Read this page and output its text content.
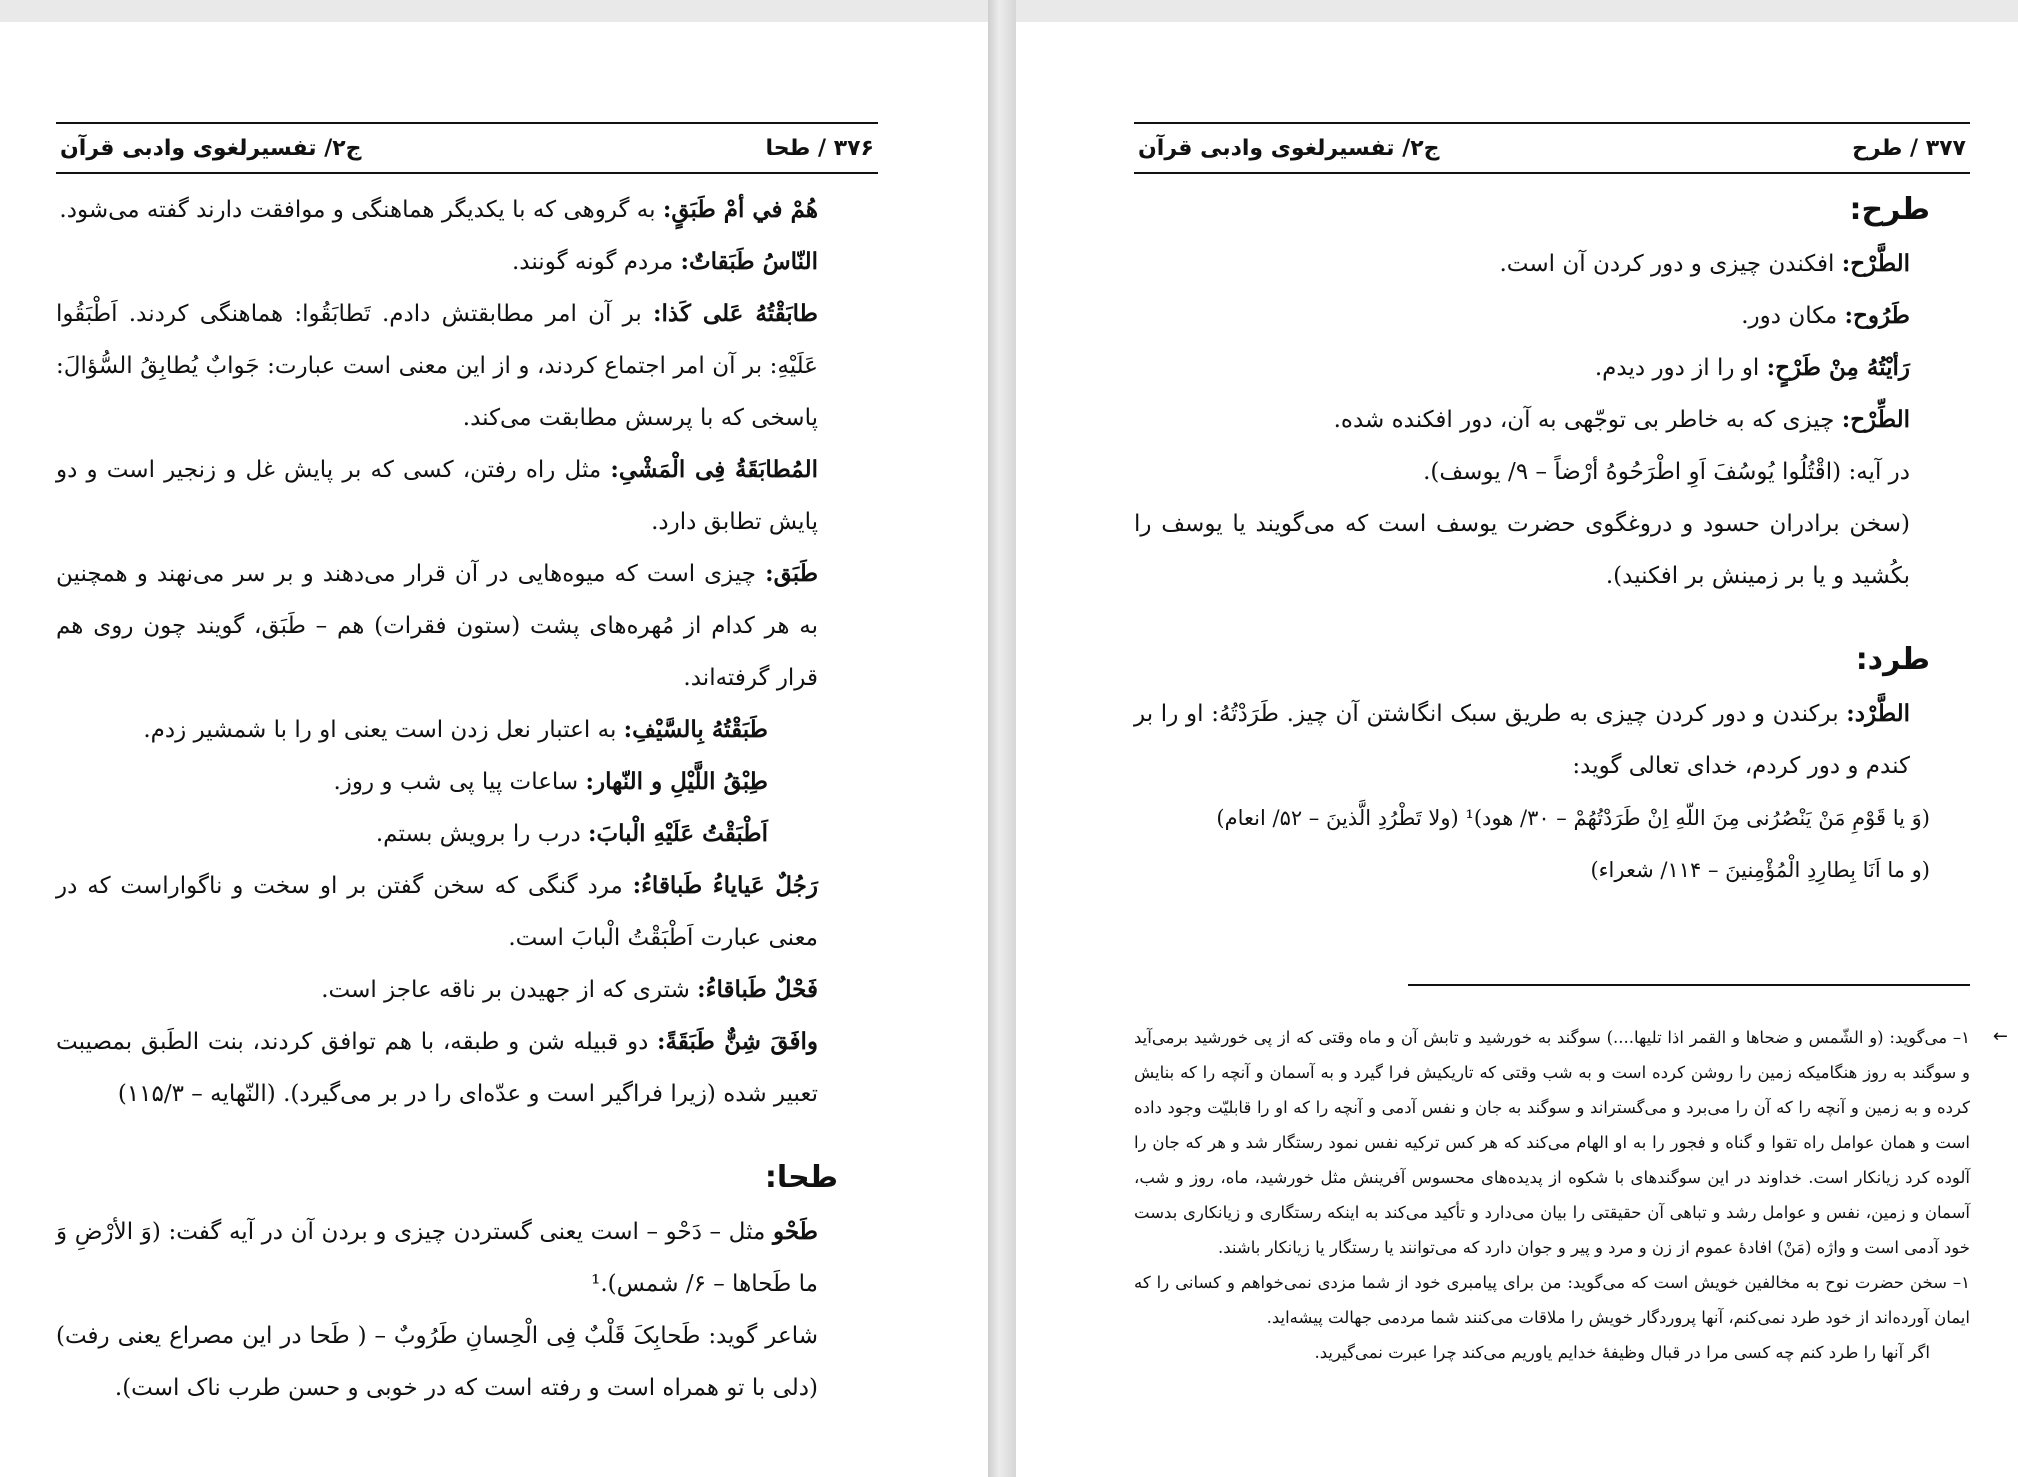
۳۷۶ / طحا
ج۲/ تفسیرلغوی وادبی قرآن

هُمْ في أمْ طَبَقٍ: به گروهی که با یکدیگر هماهنگی و موافقت دارند گفته می‌شود.

النّاسُ طَبَقاتٌ: مردم گونه گونند.

طابَقْتُهُ عَلی کَذا: بر آن امر مطابقتش دادم. تَطابَقُوا: هماهنگی کردند. اَطْبَقُوا عَلَیْهِ: بر آن امر اجتماع کردند، و از این معنی است عبارت: جَوابٌ یُطابِقُ السُّؤالَ: پاسخی که با پرسش مطابقت می‌کند.

المُطابَقَةُ فِی الْمَشْیِ: مثل راه رفتن، کسی که بر پایش غل و زنجیر است و دو پایش تطابق دارد.

طَبَق: چیزی است که میوه‌هایی در آن قرار می‌دهند و بر سر می‌نهند و همچنین به هر کدام از مُهره‌های پشت (ستون فقرات) هم – طَبَق، گویند چون روی هم قرار گرفته‌اند.

طَبَقْتُهُ بِالسَّیْفِ: به اعتبار نعل زدن است یعنی او را با شمشیر زدم.

طِبْقُ اللَّیْلِ و النّهار: ساعات پیا پی شب و روز.

اَطْبَقْتُ عَلَیْهِ الْبابَ: درب را برویش بستم.

رَجُلٌ عَیایاءُ طَباقاءُ: مرد گنگی که سخن گفتن بر او سخت و ناگواراست که در معنی عبارت اَطْبَقْتُ الْبابَ است.

فَحْلٌ طَباقاءُ: شتری که از جهیدن بر ناقه عاجز است.

وافَقَ شِنٌّ طَبَقَةً: دو قبیله شن و طبقه، با هم توافق کردند، بنت الطَبق بمصیبت تعبیر شده (زیرا فراگیر است و عدّه‌ای را در بر می‌گیرد). (النّهایه – ۱۱۵/۳)

طحا:

طَحْو مثل – دَحْو – است یعنی گستردن چیزی و بردن آن در آیه گفت: (وَ الأرْضِ وَ ما طَحاها – ۶/ شمس).¹

شاعر گوید: طَحابِکَ قَلْبٌ فِی الْحِسانِ طَرُوبٌ – ( طَحا در این مصراع یعنی رفت) (دلی با تو همراه است و رفته است که در خوبی و حسن طرب ناک است).

۳۷۷ / طرح
ج۲/ تفسیرلغوی وادبی قرآن

طرح:

الطَّرْح: افکندن چیزی و دور کردن آن است.

طَرُوح: مکان دور.

رَأیْتُهُ مِنْ طَرْحٍ: او را از دور دیدم.

الطِّرْح: چیزی که به خاطر بی توجّهی به آن، دور افکنده شده.

در آیه: (اقْتُلُوا یُوسُفَ اَوِ اطْرَحُوهُ أرْضاً – ۹/ یوسف).

(سخن برادران حسود و دروغگوی حضرت یوسف است که می‌گویند یا یوسف را بکُشید و یا بر زمینش بر افکنید).

طرد:

الطَّرْد: برکندن و دور کردن چیزی به طریق سبک انگاشتن آن چیز. طَرَدْتُهُ: او را بر کندم و دور کردم، خدای تعالی گوید:

(وَ یا قَوْمِ مَنْ یَنْصُرُنی مِنَ اللّهِ اِنْ طَرَدْتُهُمْ – ۳۰/ هود)¹ (ولا تَطْرُدِ الَّذینَ – ۵۲/ انعام)

(و ما اَنَا بِطارِدِ الْمُؤْمِنینَ – ۱۱۴/ شعراء)

←

۱– می‌گوید: (و الشّمس و ضحاها و القمر اذا تلیها....) سوگند به خورشید و تابش آن و ماه وقتی که از پی خورشید برمی‌آید و سوگند به روز هنگامیکه زمین را روشن کرده است و به شب وقتی که تاریکیش فرا گیرد و به آسمان و آنچه را که بنایش کرده و به زمین و آنچه را که آن را می‌برد و می‌گستراند و سوگند به جان و نفس آدمی و آنچه را که او را قابلیّت وجود داده است و همان عوامل راه تقوا و گناه و فجور را به او الهام می‌کند که هر کس ترکیه نفس نمود رستگار شد و هر که جان را آلوده کرد زیانکار است. خداوند در این سوگندهای با شکوه از پدیده‌های محسوس آفرینش مثل خورشید، ماه، روز و شب، آسمان و زمین، نفس و عوامل رشد و تباهی آن حقیقتی را بیان می‌دارد و تأکید می‌کند به اینکه رستگاری و زیانکاری بدست خود آدمی است و واژه (مَنْ) افادهٔ عموم از زن و مرد و پیر و جوان دارد که می‌توانند یا رستگار یا زیانکار باشند.

۱– سخن حضرت نوح به مخالفین خویش است که می‌گوید: من برای پیامبری خود از شما مزدی نمی‌خواهم و کسانی را که ایمان آورده‌اند از خود طرد نمی‌کنم، آنها پروردگار خویش را ملاقات می‌کنند شما مردمی جهالت پیشه‌اید.

اگر آنها را طرد کنم چه کسی مرا در قبال وظیفهٔ خدایم یاوریم می‌کند چرا عبرت نمی‌گیرید.
